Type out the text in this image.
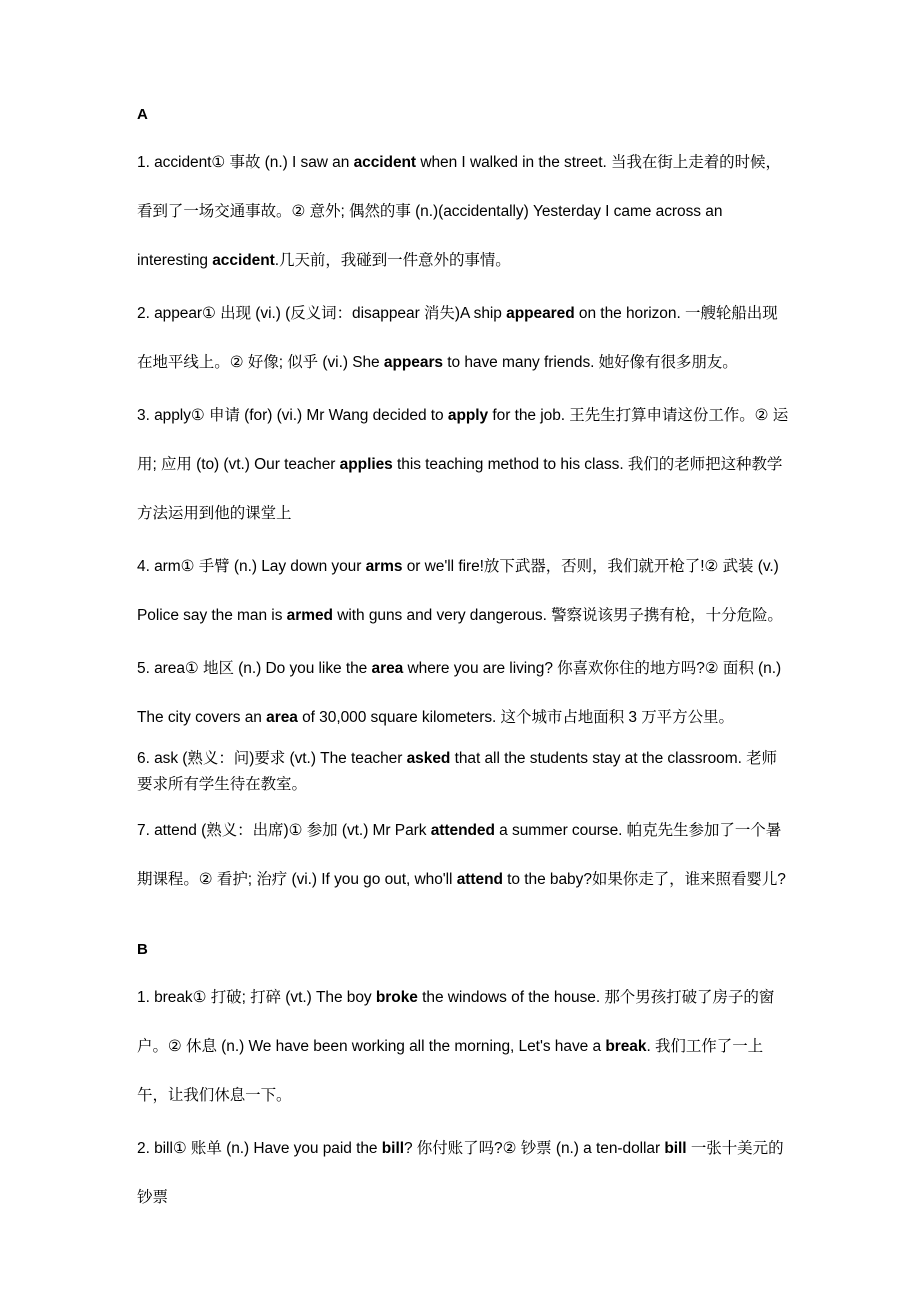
A

1. accident① 事故 (n.) I saw an accident when I walked in the street. 当我在街上走着的时候，看到了一场交通事故。② 意外; 偶然的事 (n.)(accidentally) Yesterday I came across an interesting accident.几天前，我碰到一件意外的事情。

2. appear① 出现 (vi.) (反义词：disappear 消失)A ship appeared on the horizon. 一艘轮船出现在地平线上。② 好像; 似乎 (vi.) She appears to have many friends. 她好像有很多朋友。

3. apply① 申请 (for) (vi.) Mr Wang decided to apply for the job. 王先生打算申请这份工作。② 运用; 应用 (to) (vt.) Our teacher applies this teaching method to his class. 我们的老师把这种教学方法运用到他的课堂上

4. arm① 手臂 (n.) Lay down your arms or we'll fire!放下武器，否则，我们就开枪了!② 武装 (v.) Police say the man is armed with guns and very dangerous. 警察说该男子携有枪，十分危险。

5. area① 地区 (n.) Do you like the area where you are living? 你喜欢你住的地方吗?② 面积 (n.) The city covers an area of 30,000 square kilometers. 这个城市占地面积 3 万平方公里。

6. ask (熟义：问)要求 (vt.) The teacher asked that all the students stay at the classroom. 老师要求所有学生待在教室。

7. attend (熟义：出席)① 参加 (vt.) Mr Park attended a summer course. 帕克先生参加了一个暑期课程。② 看护; 治疗 (vi.) If you go out, who'll attend to the baby?如果你走了，谁来照看婴儿?

B

1. break① 打破; 打碎 (vt.) The boy broke the windows of the house. 那个男孩打破了房子的窗户。② 休息 (n.) We have been working all the morning, Let's have a break. 我们工作了一上午，让我们休息一下。

2. bill① 账单 (n.) Have you paid the bill? 你付账了吗?② 钞票 (n.) a ten-dollar bill 一张十美元的钞票
